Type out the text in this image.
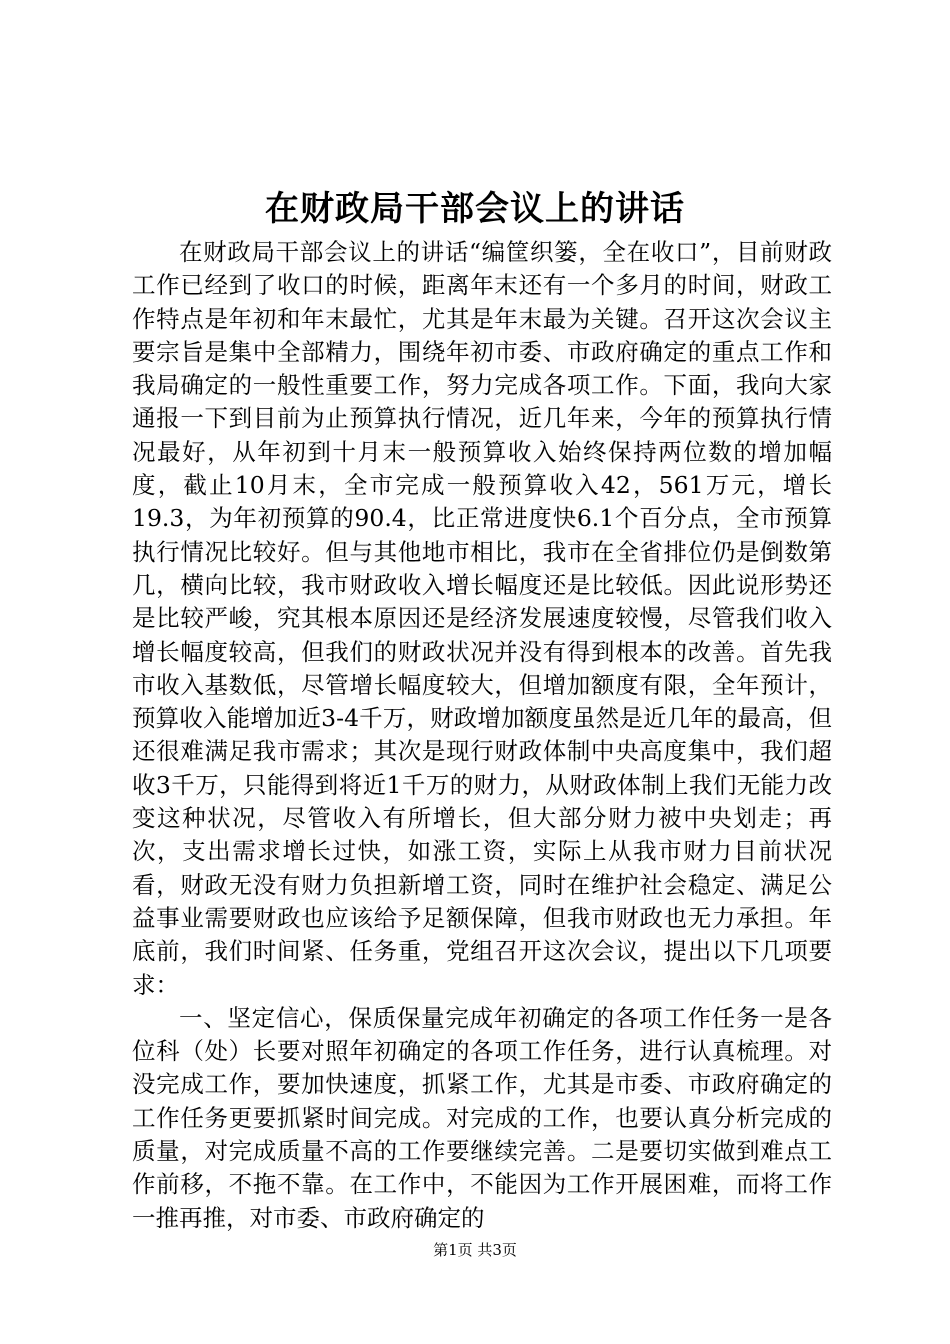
在财政局干部会议上的讲话

在财政局干部会议上的讲话“编筐织篓，全在收口”，目前财政工作已经到了收口的时候，距离年末还有一个多月的时间，财政工作特点是年初和年末最忙，尤其是年末最为关键。召开这次会议主要宗旨是集中全部精力，围绕年初市委、市政府确定的重点工作和我局确定的一般性重要工作，努力完成各项工作。下面，我向大家通报一下到目前为止预算执行情况，近几年来，今年的预算执行情况最好，从年初到十月末一般预算收入始终保持两位数的增加幅度，截止10月末，全市完成一般预算收入42，561万元，增长19.3，为年初预算的90.4，比正常进度快6.1个百分点，全市预算执行情况比较好。但与其他地市相比，我市在全省排位仍是倒数第几，横向比较，我市财政收入增长幅度还是比较低。因此说形势还是比较严峻，究其根本原因还是经济发展速度较慢，尽管我们收入增长幅度较高，但我们的财政状况并没有得到根本的改善。首先我市收入基数低，尽管增长幅度较大，但增加额度有限，全年预计，预算收入能增加近3-4千万，财政增加额度虽然是近几年的最高，但还很难满足我市需求；其次是现行财政体制中央高度集中，我们超收3千万，只能得到将近1千万的财力，从财政体制上我们无能力改变这种状况，尽管收入有所增长，但大部分财力被中央划走；再次，支出需求增长过快，如涨工资，实际上从我市财力目前状况看，财政无没有财力负担新增工资，同时在维护社会稳定、满足公益事业需要财政也应该给予足额保障，但我市财政也无力承担。年底前，我们时间紧、任务重，党组召开这次会议，提出以下几项要求：

一、坚定信心，保质保量完成年初确定的各项工作任务一是各位科（处）长要对照年初确定的各项工作任务，进行认真梳理。对没完成工作，要加快速度，抓紧工作，尤其是市委、市政府确定的工作任务更要抓紧时间完成。对完成的工作，也要认真分析完成的质量，对完成质量不高的工作要继续完善。二是要切实做到难点工作前移，不拖不靠。在工作中，不能因为工作开展困难，而将工作一推再推，对市委、市政府确定的

第1页 共3页
